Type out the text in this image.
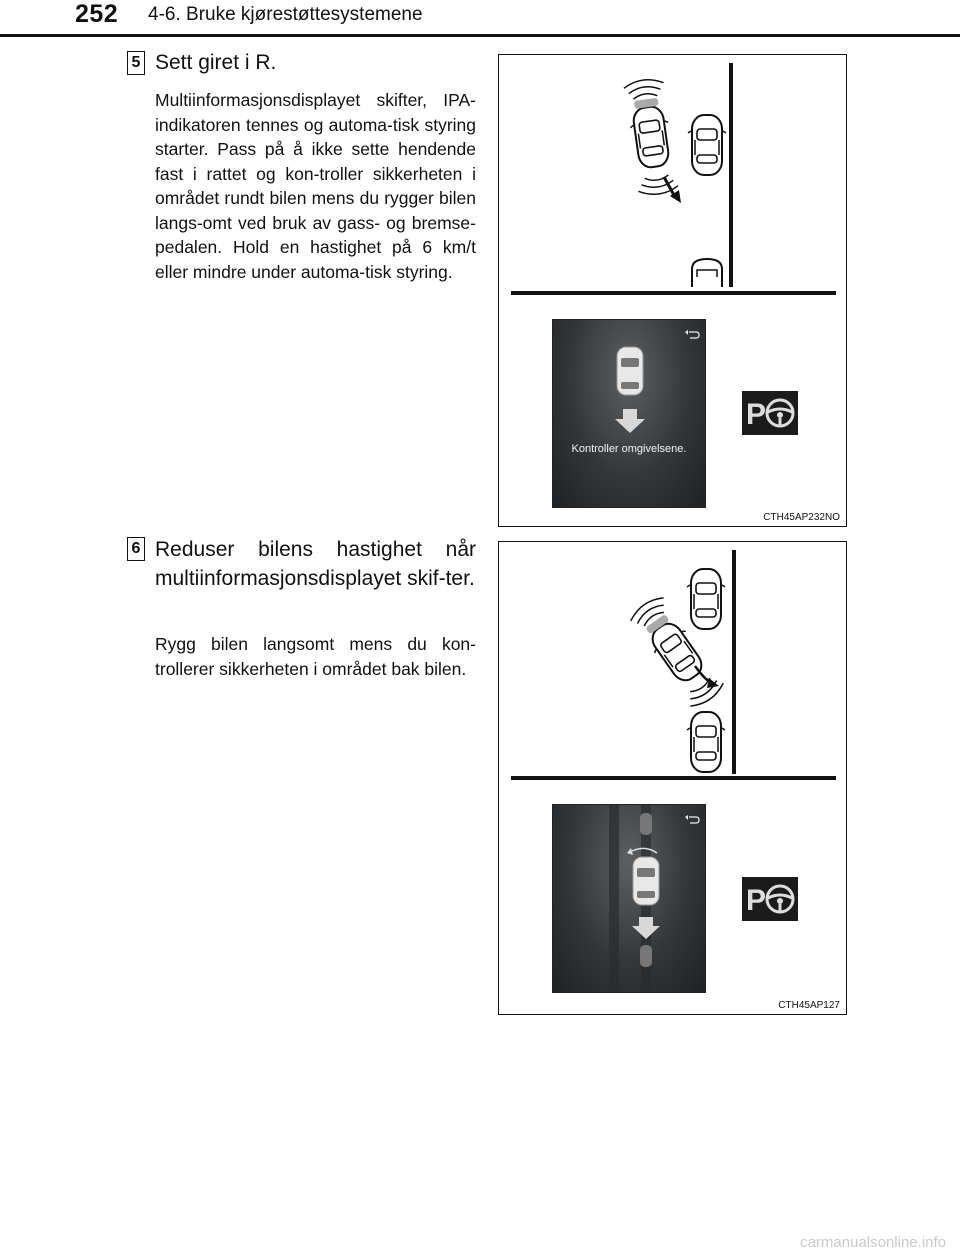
252 4-6. Bruke kjørestøttesystemene
5 Sett giret i R.
Multiinformasjonsdisplayet skifter, IPA-indikatoren tennes og automa-tisk styring starter. Pass på å ikke sette hendende fast i rattet og kon-troller sikkerheten i området rundt bilen mens du rygger bilen langs-omt ved bruk av gass- og bremse-pedalen. Hold en hastighet på 6 km/t eller mindre under automa-tisk styring.
Kontroller omgivelsene.
P
CTH45AP232NO
6 Reduser bilens hastighet når multiinformasjonsdisplayet skif-ter.
Rygg bilen langsomt mens du kon-trollerer sikkerheten i området bak bilen.
P
CTH45AP127
carmanualsonline.info
